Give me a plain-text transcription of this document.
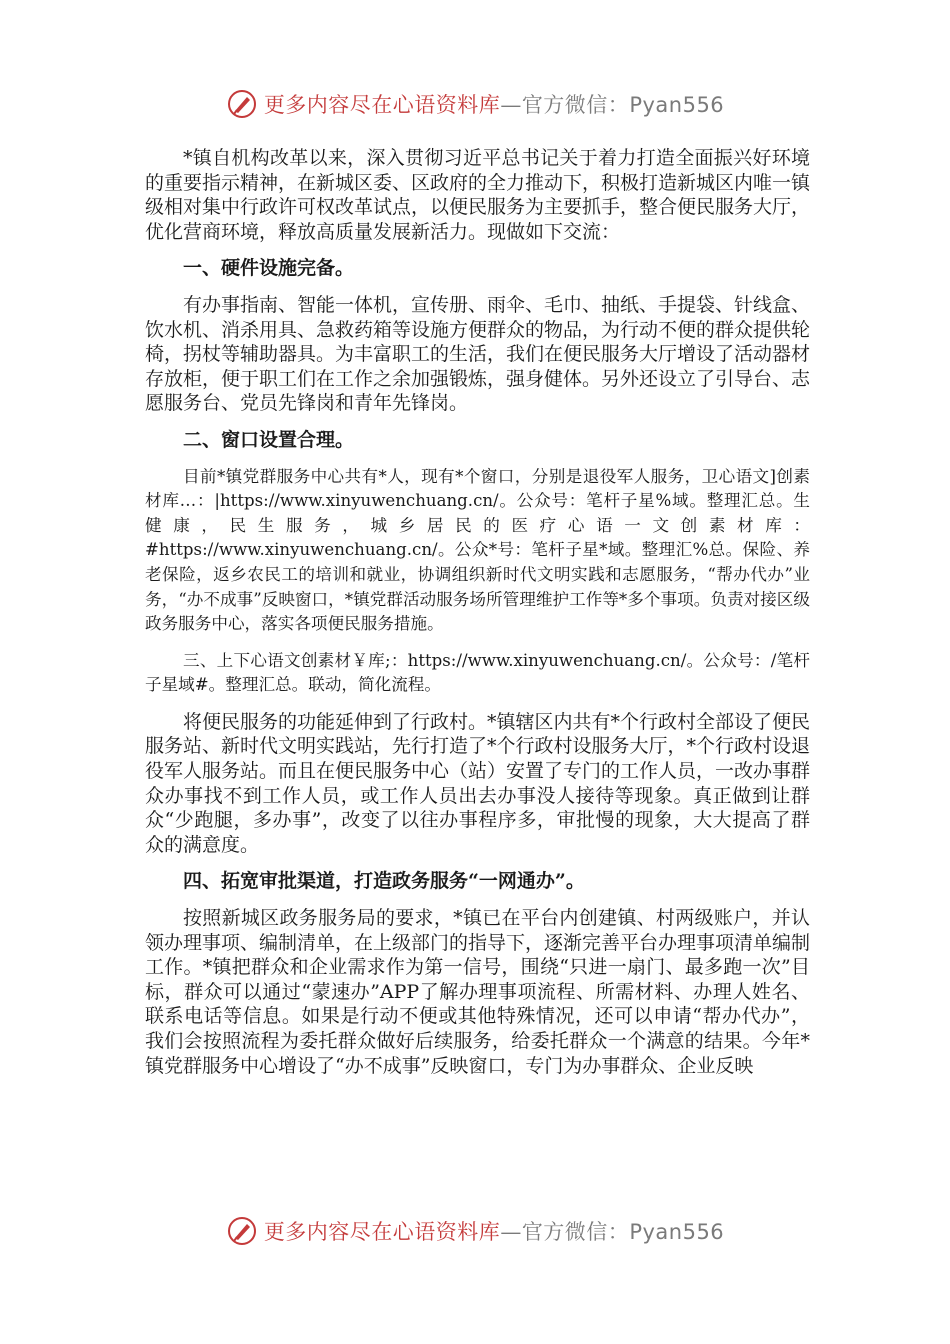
更多内容尽在心语资料库—官方微信：Pyan556

*镇自机构改革以来，深入贯彻习近平总书记关于着力打造全面振兴好环境的重要指示精神，在新城区委、区政府的全力推动下，积极打造新城区内唯一镇级相对集中行政许可权改革试点，以便民服务为主要抓手，整合便民服务大厅，优化营商环境，释放高质量发展新活力。现做如下交流：

一、硬件设施完备。

有办事指南、智能一体机，宣传册、雨伞、毛巾、抽纸、手提袋、针线盒、饮水机、消杀用具、急救药箱等设施方便群众的物品，为行动不便的群众提供轮椅，拐杖等辅助器具。为丰富职工的生活，我们在便民服务大厅增设了活动器材存放柜，便于职工们在工作之余加强锻炼，强身健体。另外还设立了引导台、志愿服务台、党员先锋岗和青年先锋岗。

二、窗口设置合理。

目前*镇党群服务中心共有*人，现有*个窗口，分别是退役军人服务，卫心语文]创素材库…：|https://www.xinyuwenchuang.cn/。公众号：笔杆子星%域。整理汇总。生健康，民生服务，城乡居民的医疗心语一文创素材库：#https://www.xinyuwenchuang.cn/。公众*号：笔杆子星*域。整理汇%总。保险、养老保险，返乡农民工的培训和就业，协调组织新时代文明实践和志愿服务，“帮办代办”业务，“办不成事”反映窗口，*镇党群活动服务场所管理维护工作等*多个事项。负责对接区级政务服务中心，落实各项便民服务措施。

三、上下心语文创素材￥库;：https://www.xinyuwenchuang.cn/。公众号：/笔杆子星域#。整理汇总。联动，简化流程。

将便民服务的功能延伸到了行政村。*镇辖区内共有*个行政村全部设了便民服务站、新时代文明实践站，先行打造了*个行政村设服务大厅，*个行政村设退役军人服务站。而且在便民服务中心（站）安置了专门的工作人员，一改办事群众办事找不到工作人员，或工作人员出去办事没人接待等现象。真正做到让群众“少跑腿，多办事”，改变了以往办事程序多，审批慢的现象，大大提高了群众的满意度。

四、拓宽审批渠道，打造政务服务“一网通办”。

按照新城区政务服务局的要求，*镇已在平台内创建镇、村两级账户，并认领办理事项、编制清单，在上级部门的指导下，逐渐完善平台办理事项清单编制工作。*镇把群众和企业需求作为第一信号，围绕“只进一扇门、最多跑一次”目标，群众可以通过“蒙速办”APP了解办理事项流程、所需材料、办理人姓名、联系电话等信息。如果是行动不便或其他特殊情况，还可以申请“帮办代办”，我们会按照流程为委托群众做好后续服务，给委托群众一个满意的结果。今年*镇党群服务中心增设了“办不成事”反映窗口，专门为办事群众、企业反映

更多内容尽在心语资料库—官方微信：Pyan556
